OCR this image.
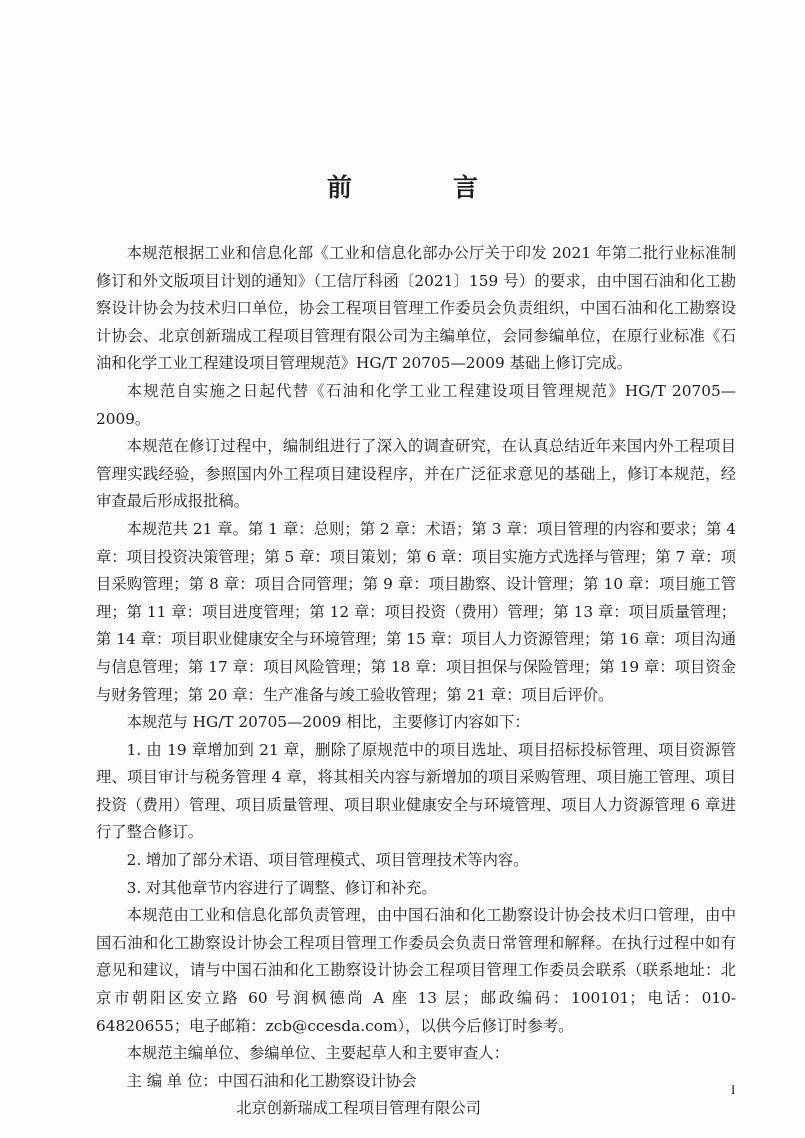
前　言

本规范根据工业和信息化部《工业和信息化部办公厅关于印发 2021 年第二批行业标准制修订和外文版项目计划的通知》（工信厅科函〔2021〕159 号）的要求，由中国石油和化工勘察设计协会为技术归口单位，协会工程项目管理工作委员会负责组织，中国石油和化工勘察设计协会、北京创新瑞成工程项目管理有限公司为主编单位，会同参编单位，在原行业标准《石油和化学工业工程建设项目管理规范》HG/T 20705—2009 基础上修订完成。

本规范自实施之日起代替《石油和化学工业工程建设项目管理规范》HG/T 20705—2009。

本规范在修订过程中，编制组进行了深入的调查研究，在认真总结近年来国内外工程项目管理实践经验，参照国内外工程项目建设程序，并在广泛征求意见的基础上，修订本规范，经审查最后形成报批稿。

本规范共 21 章。第 1 章：总则；第 2 章：术语；第 3 章：项目管理的内容和要求；第 4 章：项目投资决策管理；第 5 章：项目策划；第 6 章：项目实施方式选择与管理；第 7 章：项目采购管理；第 8 章：项目合同管理；第 9 章：项目勘察、设计管理；第 10 章：项目施工管理；第 11 章：项目进度管理；第 12 章：项目投资（费用）管理；第 13 章：项目质量管理；第 14 章：项目职业健康安全与环境管理；第 15 章：项目人力资源管理；第 16 章：项目沟通与信息管理；第 17 章：项目风险管理；第 18 章：项目担保与保险管理；第 19 章：项目资金与财务管理；第 20 章：生产准备与竣工验收管理；第 21 章：项目后评价。

本规范与 HG/T 20705—2009 相比，主要修订内容如下：

1. 由 19 章增加到 21 章，删除了原规范中的项目选址、项目招标投标管理、项目资源管理、项目审计与税务管理 4 章，将其相关内容与新增加的项目采购管理、项目施工管理、项目投资（费用）管理、项目质量管理、项目职业健康安全与环境管理、项目人力资源管理 6 章进行了整合修订。

2. 增加了部分术语、项目管理模式、项目管理技术等内容。

3. 对其他章节内容进行了调整、修订和补充。

本规范由工业和信息化部负责管理，由中国石油和化工勘察设计协会技术归口管理，由中国石油和化工勘察设计协会工程项目管理工作委员会负责日常管理和解释。在执行过程中如有意见和建议，请与中国石油和化工勘察设计协会工程项目管理工作委员会联系（联系地址：北京市朝阳区安立路 60 号润枫德尚 A 座 13 层；邮政编码：100101；电话：010-64820655；电子邮箱：zcb@ccesda.com），以供今后修订时参考。

本规范主编单位、参编单位、主要起草人和主要审查人：

主 编 单 位：中国石油和化工勘察设计协会

北京创新瑞成工程项目管理有限公司

I
